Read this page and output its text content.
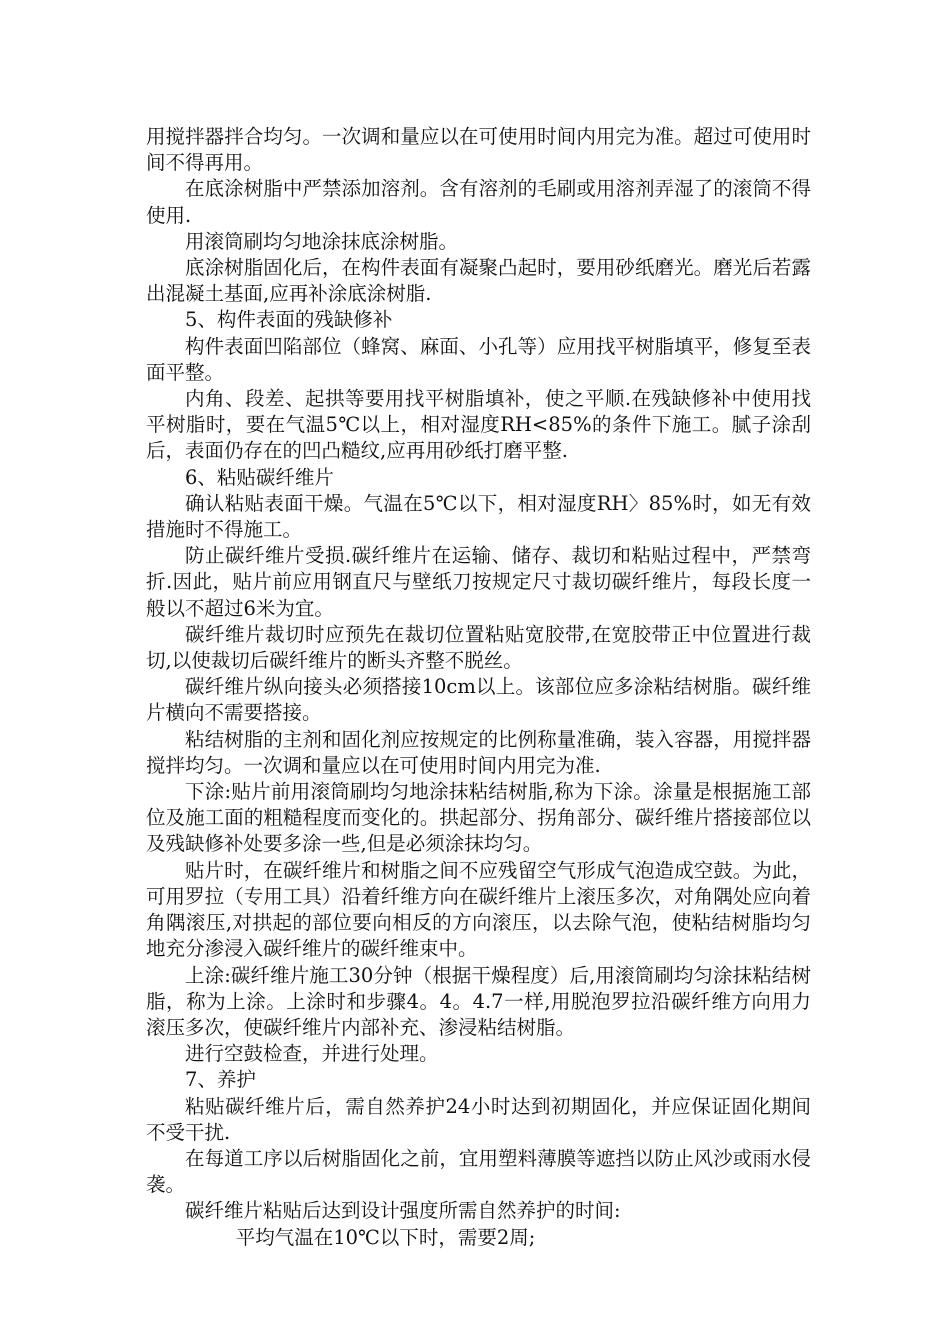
用搅拌器拌合均匀。一次调和量应以在可使用时间内用完为准。超过可使用时间不得再用。

在底涂树脂中严禁添加溶剂。含有溶剂的毛刷或用溶剂弄湿了的滚筒不得使用.

用滚筒刷均匀地涂抹底涂树脂。

底涂树脂固化后，在构件表面有凝聚凸起时，要用砂纸磨光。磨光后若露出混凝土基面,应再补涂底涂树脂.

5、构件表面的残缺修补

构件表面凹陷部位（蜂窝、麻面、小孔等）应用找平树脂填平，修复至表面平整。

内角、段差、起拱等要用找平树脂填补，使之平顺.在残缺修补中使用找平树脂时，要在气温5℃以上，相对湿度RH<85%的条件下施工。腻子涂刮后，表面仍存在的凹凸糙纹,应再用砂纸打磨平整.

6、粘贴碳纤维片

确认粘贴表面干燥。气温在5℃以下，相对湿度RH〉85%时，如无有效措施时不得施工。

防止碳纤维片受损.碳纤维片在运输、储存、裁切和粘贴过程中，严禁弯折.因此，贴片前应用钢直尺与壁纸刀按规定尺寸裁切碳纤维片，每段长度一般以不超过6米为宜。

碳纤维片裁切时应预先在裁切位置粘贴宽胶带,在宽胶带正中位置进行裁切,以使裁切后碳纤维片的断头齐整不脱丝。

碳纤维片纵向接头必须搭接10cm以上。该部位应多涂粘结树脂。碳纤维片横向不需要搭接。

粘结树脂的主剂和固化剂应按规定的比例称量准确，装入容器，用搅拌器搅拌均匀。一次调和量应以在可使用时间内用完为准.

下涂:贴片前用滚筒刷均匀地涂抹粘结树脂,称为下涂。涂量是根据施工部位及施工面的粗糙程度而变化的。拱起部分、拐角部分、碳纤维片搭接部位以及残缺修补处要多涂一些,但是必须涂抹均匀。

贴片时，在碳纤维片和树脂之间不应残留空气形成气泡造成空鼓。为此，可用罗拉（专用工具）沿着纤维方向在碳纤维片上滚压多次，对角隅处应向着角隅滚压,对拱起的部位要向相反的方向滚压，以去除气泡，使粘结树脂均匀地充分渗浸入碳纤维片的碳纤维束中。

上涂:碳纤维片施工30分钟（根据干燥程度）后,用滚筒刷均匀涂抹粘结树脂，称为上涂。上涂时和步骤4。4。4.7一样,用脱泡罗拉沿碳纤维方向用力滚压多次，使碳纤维片内部补充、渗浸粘结树脂。

进行空鼓检查，并进行处理。

7、养护

粘贴碳纤维片后，需自然养护24小时达到初期固化，并应保证固化期间不受干扰.

在每道工序以后树脂固化之前，宜用塑料薄膜等遮挡以防止风沙或雨水侵袭。

碳纤维片粘贴后达到设计强度所需自然养护的时间:

平均气温在10℃以下时，需要2周;
